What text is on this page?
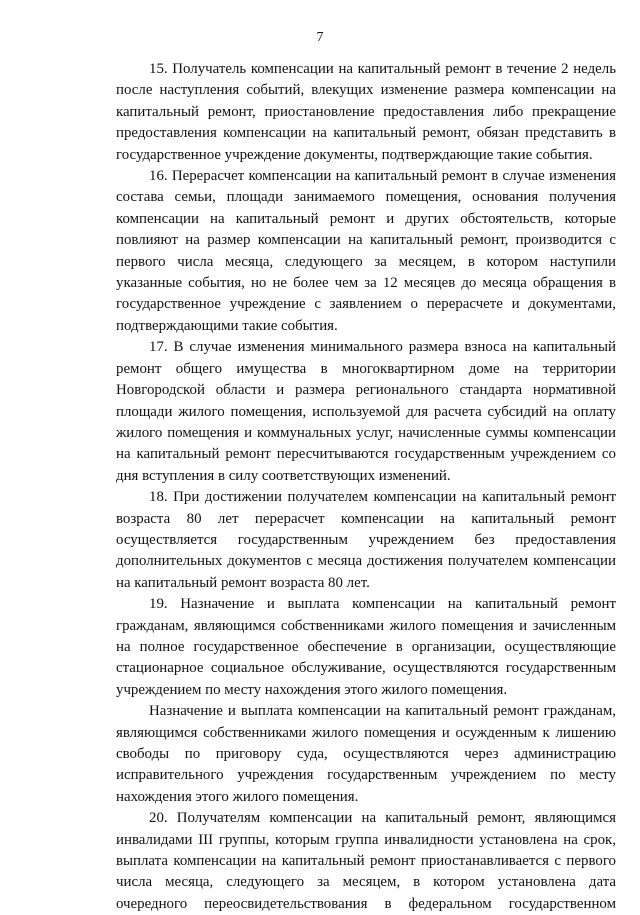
7

15. Получатель компенсации на капитальный ремонт в течение 2 недель после наступления событий, влекущих изменение размера компенсации на капитальный ремонт, приостановление предоставления либо прекращение предоставления компенсации на капитальный ремонт, обязан представить в государственное учреждение документы, подтверждающие такие события.

16. Перерасчет компенсации на капитальный ремонт в случае изменения состава семьи, площади занимаемого помещения, основания получения компенсации на капитальный ремонт и других обстоятельств, которые повлияют на размер компенсации на капитальный ремонт, производится с первого числа месяца, следующего за месяцем, в котором наступили указанные события, но не более чем за 12 месяцев до месяца обращения в государственное учреждение с заявлением о перерасчете и документами, подтверждающими такие события.

17. В случае изменения минимального размера взноса на капитальный ремонт общего имущества в многоквартирном доме на территории Новгородской области и размера регионального стандарта нормативной площади жилого помещения, используемой для расчета субсидий на оплату жилого помещения и коммунальных услуг, начисленные суммы компенсации на капитальный ремонт пересчитываются государственным учреждением со дня вступления в силу соответствующих изменений.

18. При достижении получателем компенсации на капитальный ремонт возраста 80 лет перерасчет компенсации на капитальный ремонт осуществляется государственным учреждением без предоставления дополнительных документов с месяца достижения получателем компенсации на капитальный ремонт возраста 80 лет.

19. Назначение и выплата компенсации на капитальный ремонт гражданам, являющимся собственниками жилого помещения и зачисленным на полное государственное обеспечение в организации, осуществляющие стационарное социальное обслуживание, осуществляются государственным учреждением по месту нахождения этого жилого помещения.

Назначение и выплата компенсации на капитальный ремонт гражданам, являющимся собственниками жилого помещения и осужденным к лишению свободы по приговору суда, осуществляются через администрацию исправительного учреждения государственным учреждением по месту нахождения этого жилого помещения.

20. Получателям компенсации на капитальный ремонт, являющимся инвалидами III группы, которым группа инвалидности установлена на срок, выплата компенсации на капитальный ремонт приостанавливается с первого числа месяца, следующего за месяцем, в котором установлена дата очередного переосвидетельствования в федеральном государственном
